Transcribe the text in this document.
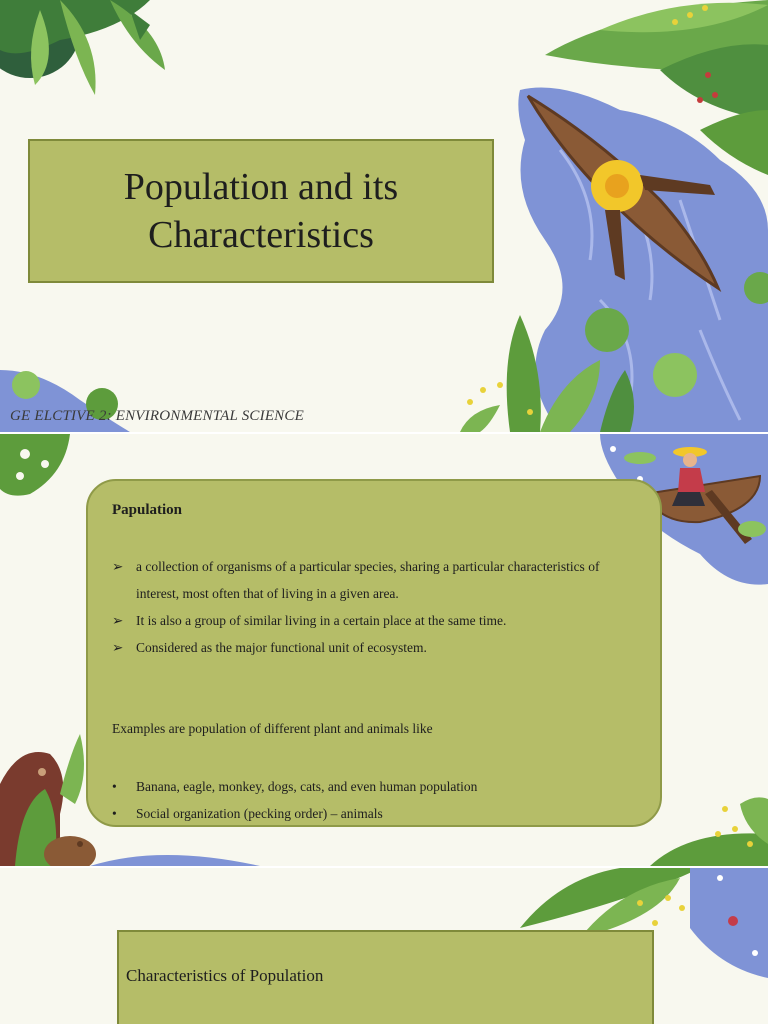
Population and its
Characteristics
GE ELCTIVE 2: ENVIRONMENTAL SCIENCE
Papulation
➢ a collection of organisms of a particular species, sharing a particular characteristics of interest, most often that of living in a given area.
➢ It is also a group of similar living in a certain place at the same time.
➢ Considered as the major functional unit of ecosystem.
Examples are population of different plant and animals like
• Banana, eagle, monkey, dogs, cats, and even human population
• Social organization (pecking order) – animals
Characteristics of Population
